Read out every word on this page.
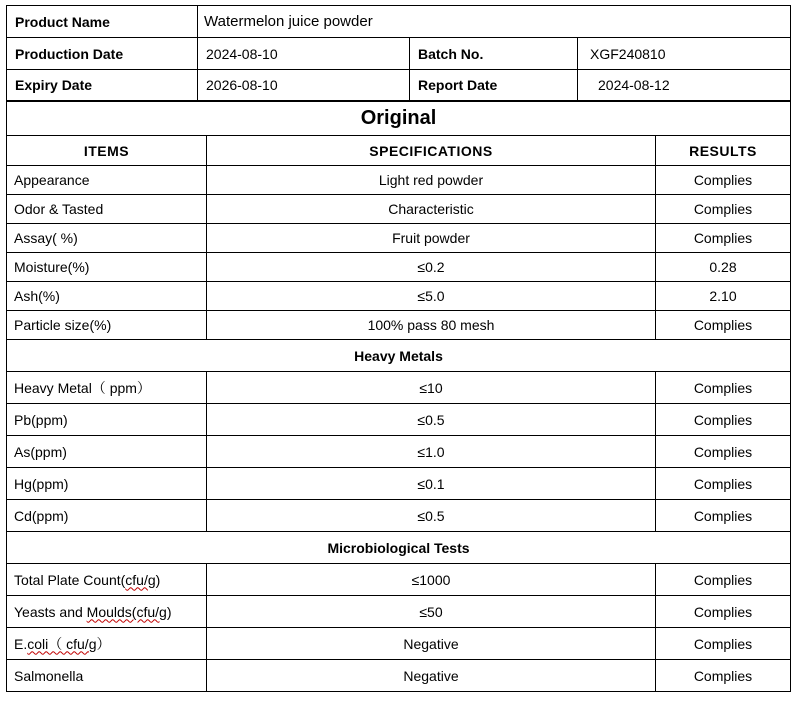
Product Name	Watermelon juice powder		
Production Date	2024-08-10	Batch No.	XGF240810
Expiry Date	2026-08-10	Report Date	2024-08-12
Original		
ITEMS	SPECIFICATIONS	RESULTS
Appearance	Light red powder	Complies
Odor & Tasted	Characteristic	Complies
Assay( %)	Fruit powder	Complies
Moisture(%)	≤0.2	0.28
Ash(%)	≤5.0	2.10
Particle size(%)	100% pass 80 mesh	Complies
Heavy Metals		
Heavy Metal（ ppm）	≤10	Complies
Pb(ppm)	≤0.5	Complies
As(ppm)	≤1.0	Complies
Hg(ppm)	≤0.1	Complies
Cd(ppm)	≤0.5	Complies
Microbiological Tests		
Total Plate Count(cfu/g)	≤1000	Complies
Yeasts and Moulds(cfu/g)	≤50	Complies
E.coli（ cfu/g）	Negative	Complies
Salmonella	Negative	Complies
